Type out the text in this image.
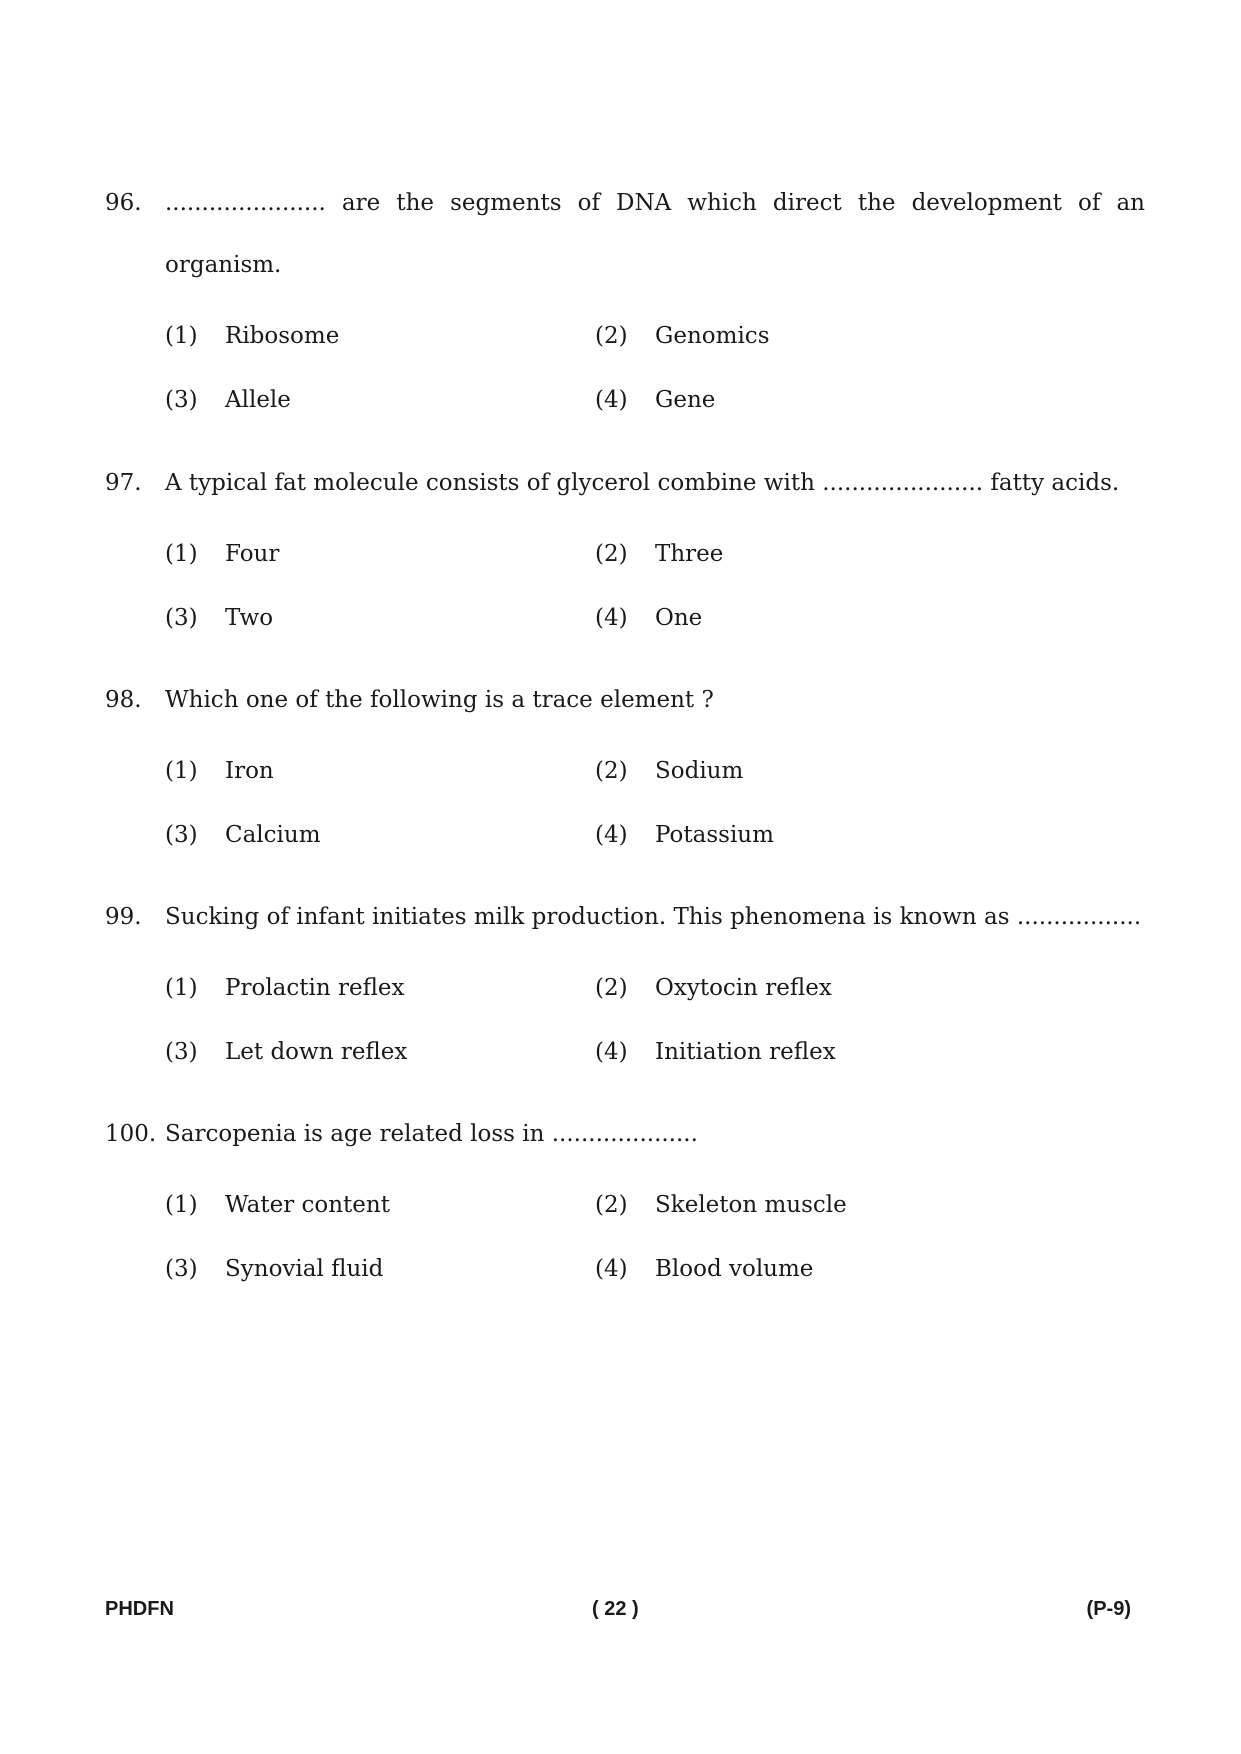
96.	...................... are the segments of DNA which direct the development of an
organism.
(1)	Ribosome	(2)	Genomics
(3)	Allele	(4)	Gene
97.	A typical fat molecule consists of glycerol combine with ...................... fatty acids.
(1)	Four	(2)	Three
(3)	Two	(4)	One
98.	Which one of the following is a trace element ?
(1)	Iron	(2)	Sodium
(3)	Calcium	(4)	Potassium
99.	Sucking of infant initiates milk production. This phenomena is known as .................
(1)	Prolactin reflex	(2)	Oxytocin reflex
(3)	Let down reflex	(4)	Initiation reflex
100. Sarcopenia is age related loss in ....................
(1)	Water content	(2)	Skeleton muscle
(3)	Synovial fluid	(4)	Blood volume
PHDFN	( 22 )	(P-9)
